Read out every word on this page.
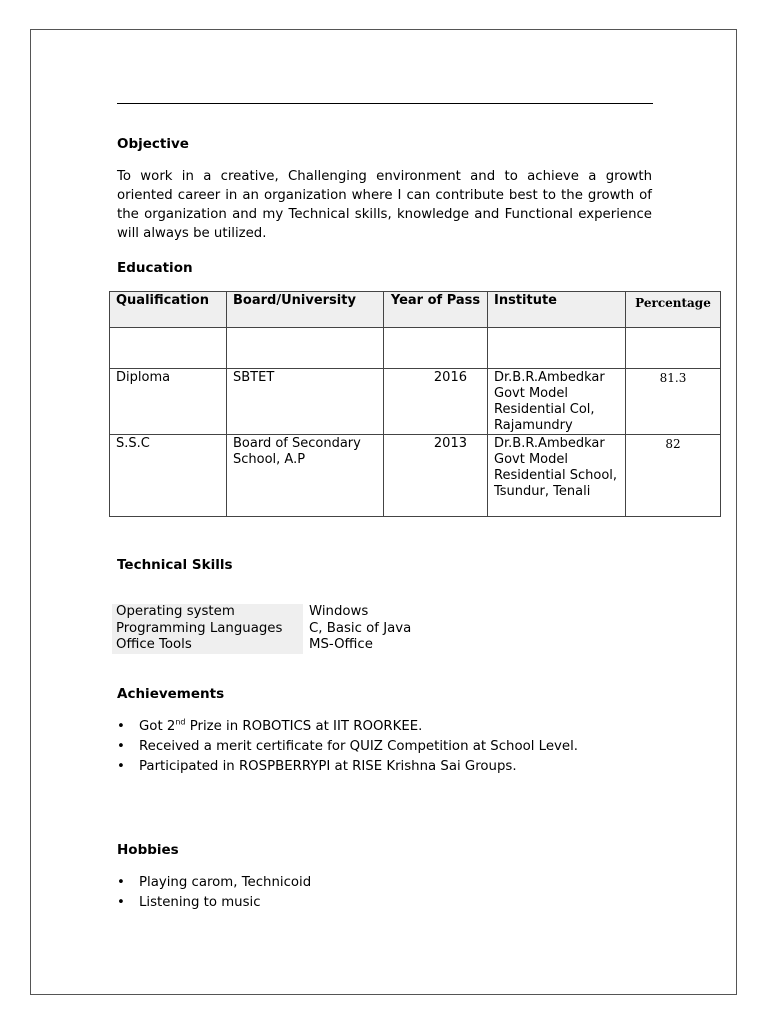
Objective

To work in a creative, Challenging environment and to achieve a growth oriented career in an organization where I can contribute best to the growth of the organization and my Technical skills, knowledge and Functional experience will always be utilized.

Education
Qualification	Board/University	Year of Pass	Institute	Percentage

Diploma	SBTET	2016	Dr.B.R.Ambedkar Govt Model Residential Col, Rajamundry	81.3
S.S.C	Board of Secondary School, A.P	2013	Dr.B.R.Ambedkar Govt Model Residential School, Tsundur, Tenali	82
Technical Skills
Operating system	Windows
Programming Languages	C, Basic of Java
Office Tools	MS-Office
Achievements
• Got 2nd Prize in ROBOTICS at IIT ROORKEE.
• Received a merit certificate for QUIZ Competition at School Level.
• Participated in ROSPBERRYPI at RISE Krishna Sai Groups.
Hobbies
• Playing carom, Technicoid
• Listening to music
